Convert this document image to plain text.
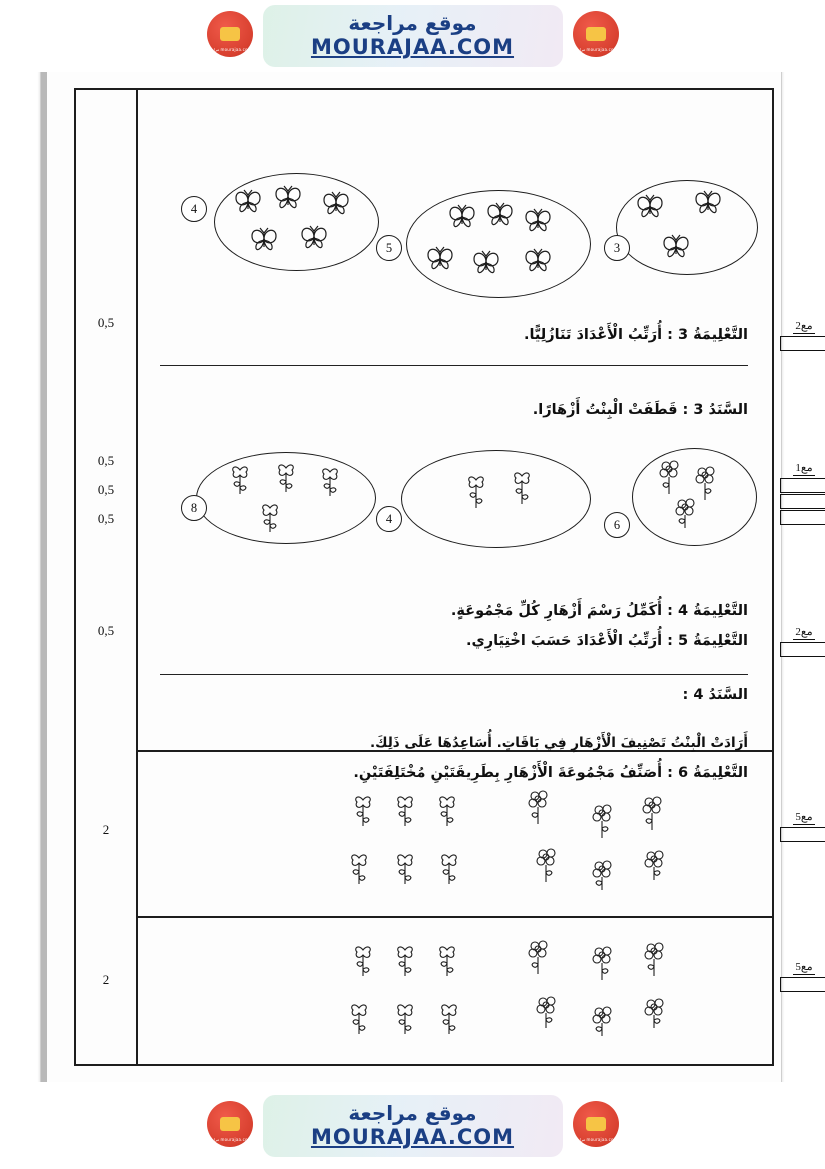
مراجعة mourajaa.com
موقع مراجعة
MOURAJAA.COM	مراجعة mourajaa.com
0,5
0,5
0,5
0,5
0,5
2
2
مع2
مع1
مع2
مع5
مع5
4
5	3
التَّعْلِيمَةُ 3 : أُرَتِّبُ الْأَعْدَادَ تَنَازُلِيًّا.
السَّنَدُ 3 : قَطَفَتْ الْبِنْتُ أَزْهَارًا.
8
4	6
التَّعْلِيمَةُ 4 : أُكَمِّلُ رَسْمَ أَزْهَارِ كُلِّ مَجْمُوعَةٍ.
التَّعْلِيمَةُ 5 : أُرَتِّبُ الْأَعْدَادَ حَسَبَ اخْتِيَارِي.
السَّنَدُ 4 :
أَرَادَتْ الْبِنْتُ تَصْنِيفَ الْأَزْهَارِ فِي بَاقَاتٍ. أُسَاعِدُهَا عَلَى ذَلِكَ.
التَّعْلِيمَةُ 6 : أُصَنِّفُ مَجْمُوعَةَ الْأَزْهَارِ بِطَرِيقَتَيْنِ مُخْتَلِفَتَيْنِ.
مراجعة mourajaa.com
موقع مراجعة
MOURAJAA.COM	مراجعة mourajaa.com
